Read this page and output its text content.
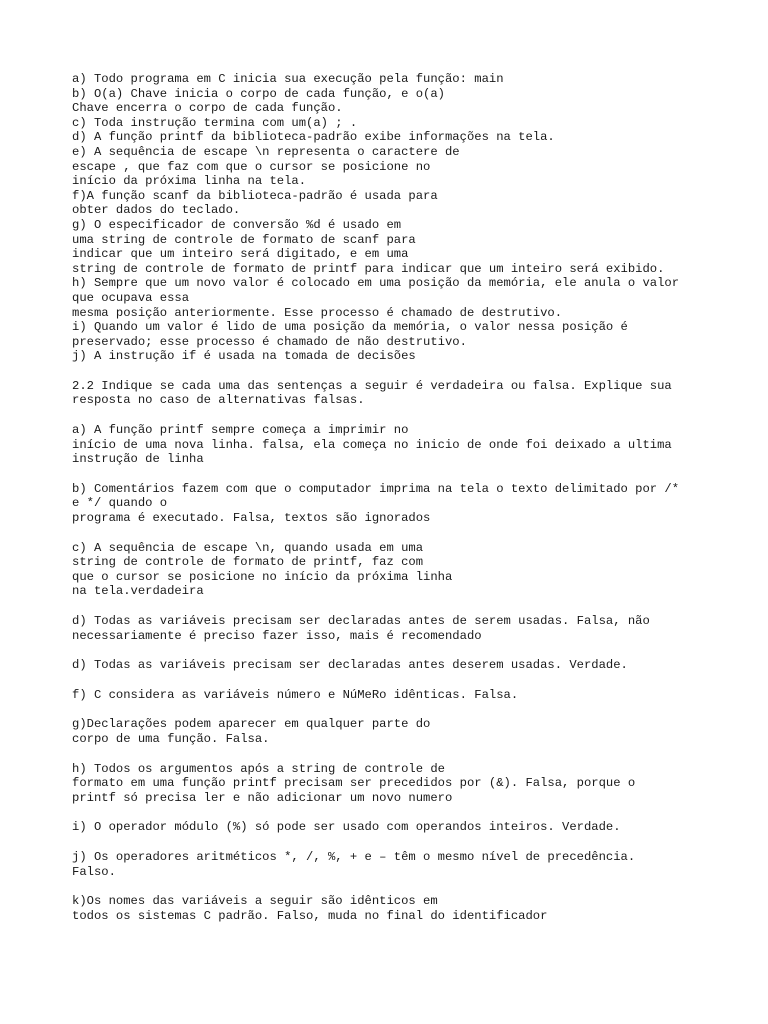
a) Todo programa em C inicia sua execução pela função: main
b) O(a) Chave inicia o corpo de cada função, e o(a)
Chave encerra o corpo de cada função.
c) Toda instrução termina com um(a) ; .
d) A função printf da biblioteca-padrão exibe informações na tela.
e) A sequência de escape \n representa o caractere de
escape , que faz com que o cursor se posicione no
início da próxima linha na tela.
f)A função scanf da biblioteca-padrão é usada para
obter dados do teclado.
g) O especificador de conversão %d é usado em
uma string de controle de formato de scanf para
indicar que um inteiro será digitado, e em uma
string de controle de formato de printf para indicar que um inteiro será exibido.
h) Sempre que um novo valor é colocado em uma posição da memória, ele anula o valor
que ocupava essa
mesma posição anteriormente. Esse processo é chamado de destrutivo.
i) Quando um valor é lido de uma posição da memória, o valor nessa posição é
preservado; esse processo é chamado de não destrutivo.
j) A instrução if é usada na tomada de decisões
2.2 Indique se cada uma das sentenças a seguir é verdadeira ou falsa. Explique sua
resposta no caso de alternativas falsas.
a) A função printf sempre começa a imprimir no
início de uma nova linha. falsa, ela começa no inicio de onde foi deixado a ultima
instrução de linha
b) Comentários fazem com que o computador imprima na tela o texto delimitado por /*
e */ quando o
programa é executado. Falsa, textos são ignorados
c) A sequência de escape \n, quando usada em uma
string de controle de formato de printf, faz com
que o cursor se posicione no início da próxima linha
na tela.verdadeira
d) Todas as variáveis precisam ser declaradas antes de serem usadas. Falsa, não
necessariamente é preciso fazer isso, mais é recomendado
d) Todas as variáveis precisam ser declaradas antes deserem usadas. Verdade.
f) C considera as variáveis número e NúMeRo idênticas. Falsa.
g)Declarações podem aparecer em qualquer parte do
corpo de uma função. Falsa.
h) Todos os argumentos após a string de controle de
formato em uma função printf precisam ser precedidos por (&). Falsa, porque o
printf só precisa ler e não adicionar um novo numero
i) O operador módulo (%) só pode ser usado com operandos inteiros. Verdade.
j) Os operadores aritméticos *, /, %, + e – têm o mesmo nível de precedência.
Falso.
k)Os nomes das variáveis a seguir são idênticos em
todos os sistemas C padrão. Falso, muda no final do identificador
